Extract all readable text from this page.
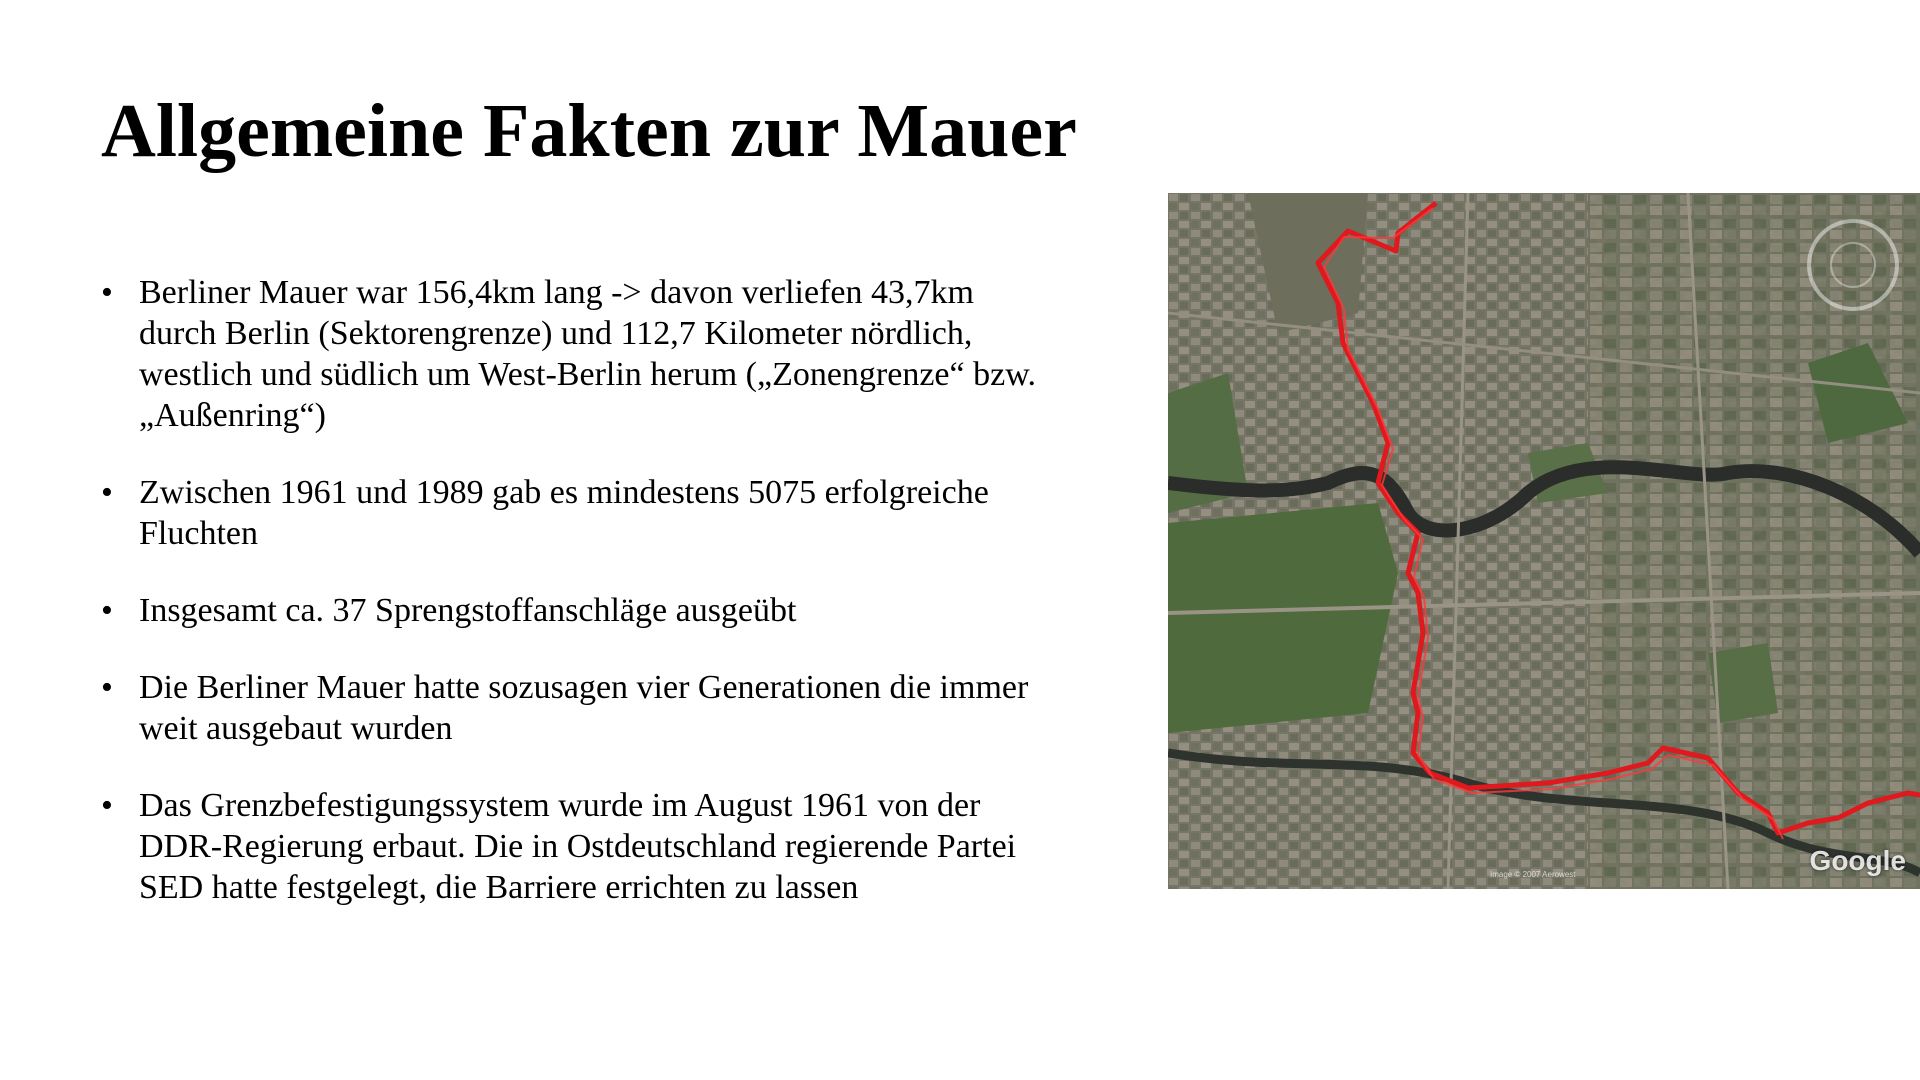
Allgemeine Fakten zur Mauer
• Berliner Mauer war 156,4km lang -> davon verliefen 43,7km
durch Berlin (Sektorengrenze) und 112,7 Kilometer nördlich,
westlich und südlich um West-Berlin herum („Zonengrenze“ bzw.
„Außenring“)
• Zwischen 1961 und 1989 gab es mindestens 5075 erfolgreiche
Fluchten
• Insgesamt ca. 37 Sprengstoffanschläge ausgeübt
• Die Berliner Mauer hatte sozusagen vier Generationen die immer
weit ausgebaut wurden
• Das Grenzbefestigungssystem wurde im August 1961 von der
DDR-Regierung erbaut. Die in Ostdeutschland regierende Partei
SED hatte festgelegt, die Barriere errichten zu lassen	Image © 2007 Aerowest	Google
